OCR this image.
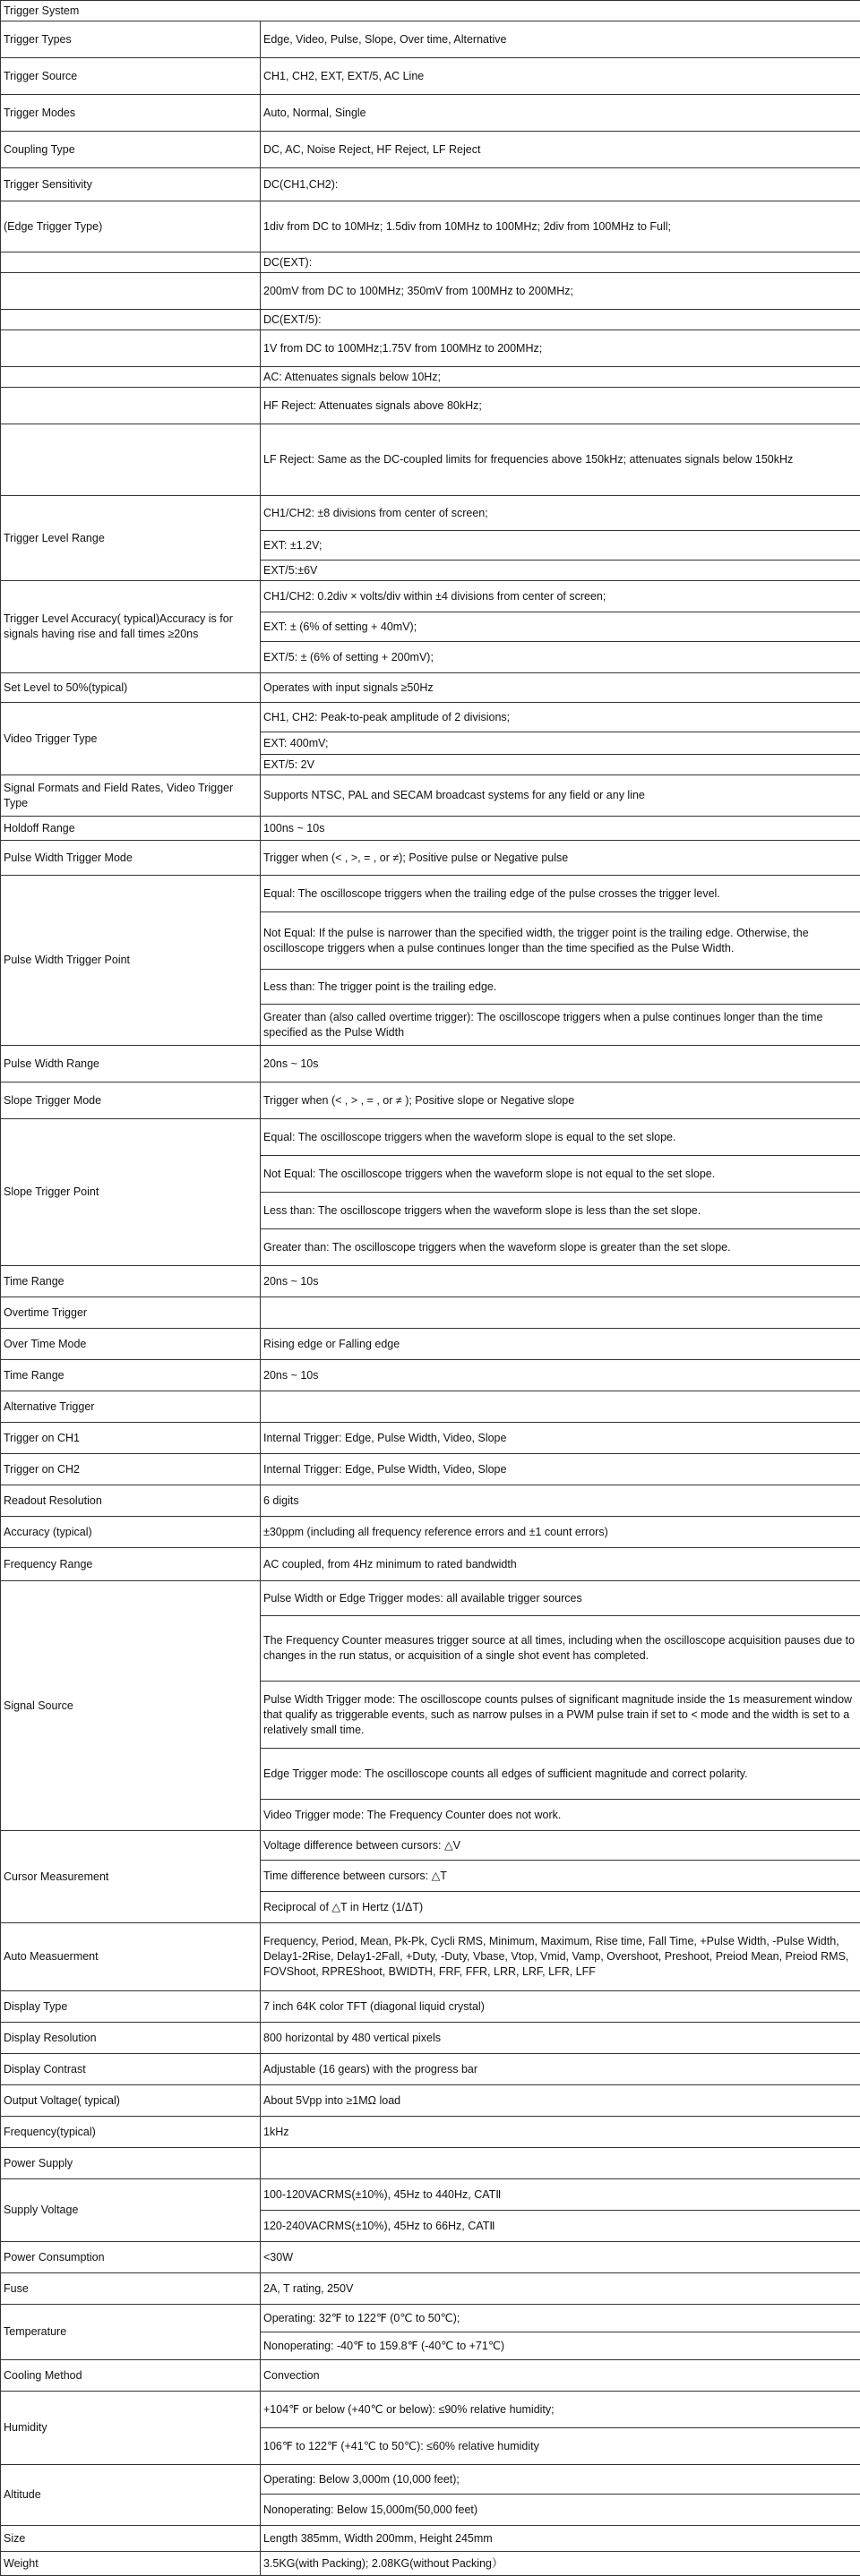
Trigger System	
Trigger Types	Edge, Video, Pulse, Slope, Over time, Alternative
Trigger Source	CH1, CH2, EXT, EXT/5, AC Line
Trigger Modes	Auto, Normal, Single
Coupling Type	DC, AC, Noise Reject, HF Reject, LF Reject
Trigger Sensitivity	DC(CH1,CH2):
(Edge Trigger Type)	1div from DC to 10MHz; 1.5div from 10MHz to 100MHz; 2div from 100MHz to Full;
	DC(EXT):
	200mV from DC to 100MHz; 350mV from 100MHz to 200MHz;
	DC(EXT/5):
	1V from DC to 100MHz;1.75V from 100MHz to 200MHz;
	AC: Attenuates signals below 10Hz;
	HF Reject: Attenuates signals above 80kHz;
	LF Reject: Same as the DC-coupled limits for frequencies above 150kHz; attenuates signals below 150kHz
Trigger Level Range	CH1/CH2: ±8 divisions from center of screen;
	EXT: ±1.2V;
	EXT/5:±6V
Trigger Level Accuracy( typical)Accuracy is for signals having rise and fall times ≥20ns	CH1/CH2: 0.2div × volts/div within ±4 divisions from center of screen;
	EXT: ± (6% of setting + 40mV);
	EXT/5: ± (6% of setting + 200mV);
Set Level to 50%(typical)	Operates with input signals ≥50Hz
Video Trigger Type	CH1, CH2: Peak-to-peak amplitude of 2 divisions;
	EXT: 400mV;
	EXT/5: 2V
Signal Formats and Field Rates, Video Trigger Type	Supports NTSC, PAL and SECAM broadcast systems for any field or any line
Holdoff Range	100ns ~ 10s
Pulse Width Trigger Mode	Trigger when (< , >, = , or ≠); Positive pulse or Negative pulse
Pulse Width Trigger Point	Equal: The oscilloscope triggers when the trailing edge of the pulse crosses the trigger level.
	Not Equal: If the pulse is narrower than the specified width, the trigger point is the trailing edge. Otherwise, the oscilloscope triggers when a pulse continues longer than the time specified as the Pulse Width.
	Less than: The trigger point is the trailing edge.
	Greater than (also called overtime trigger): The oscilloscope triggers when a pulse continues longer than the time specified as the Pulse Width
Pulse Width Range	20ns ~ 10s
Slope Trigger Mode	Trigger when (< , > , = , or ≠ ); Positive slope or Negative slope
Slope Trigger Point	Equal: The oscilloscope triggers when the waveform slope is equal to the set slope.
	Not Equal: The oscilloscope triggers when the waveform slope is not equal to the set slope.
	Less than: The oscilloscope triggers when the waveform slope is less than the set slope.
	Greater than: The oscilloscope triggers when the waveform slope is greater than the set slope.
Time Range	20ns ~ 10s
Overtime Trigger	
Over Time Mode	Rising edge or Falling edge
Time Range	20ns ~ 10s
Alternative Trigger	
Trigger on CH1	Internal Trigger: Edge, Pulse Width, Video, Slope
Trigger on CH2	Internal Trigger: Edge, Pulse Width, Video, Slope
Readout Resolution	6 digits
Accuracy (typical)	±30ppm (including all frequency reference errors and ±1 count errors)
Frequency Range	AC coupled, from 4Hz minimum to rated bandwidth
Signal Source	Pulse Width or Edge Trigger modes: all available trigger sources
	The Frequency Counter measures trigger source at all times, including when the oscilloscope acquisition pauses due to changes in the run status, or acquisition of a single shot event has completed.
	Pulse Width Trigger mode: The oscilloscope counts pulses of significant magnitude inside the 1s measurement window that qualify as triggerable events, such as narrow pulses in a PWM pulse train if set to < mode and the width is set to a relatively small time.
	Edge Trigger mode: The oscilloscope counts all edges of sufficient magnitude and correct polarity.
	Video Trigger mode: The Frequency Counter does not work.
Cursor Measurement	Voltage difference between cursors: △V
	Time difference between cursors: △T
	Reciprocal of △T in Hertz (1/ΔT)
Auto Measuerment	Frequency, Period, Mean, Pk-Pk, Cycli RMS, Minimum, Maximum, Rise time, Fall Time, +Pulse Width, -Pulse Width, Delay1-2Rise, Delay1-2Fall, +Duty, -Duty, Vbase, Vtop, Vmid, Vamp, Overshoot, Preshoot, Preiod Mean, Preiod RMS, FOVShoot, RPREShoot, BWIDTH, FRF, FFR, LRR, LRF, LFR, LFF
Display Type	7 inch 64K color TFT (diagonal liquid crystal)
Display Resolution	800 horizontal by 480 vertical pixels
Display Contrast	Adjustable (16 gears) with the progress bar
Output Voltage( typical)	About 5Vpp into ≥1MΩ load
Frequency(typical)	1kHz
Power Supply	
Supply Voltage	100-120VACRMS(±10%), 45Hz to 440Hz, CATⅡ
	120-240VACRMS(±10%), 45Hz to 66Hz, CATⅡ
Power Consumption	<30W
Fuse	2A, T rating, 250V
Temperature	Operating: 32℉ to 122℉ (0℃ to 50℃);
	Nonoperating: -40℉ to 159.8℉ (-40℃ to +71℃)
Cooling Method	Convection
Humidity	+104℉ or below (+40℃ or below): ≤90% relative humidity;
	106℉ to 122℉ (+41℃ to 50℃): ≤60% relative humidity
Altitude	Operating: Below 3,000m (10,000 feet);
	Nonoperating: Below 15,000m(50,000 feet)
Size	Length 385mm, Width 200mm, Height 245mm
Weight	3.5KG(with Packing); 2.08KG(without Packing）
